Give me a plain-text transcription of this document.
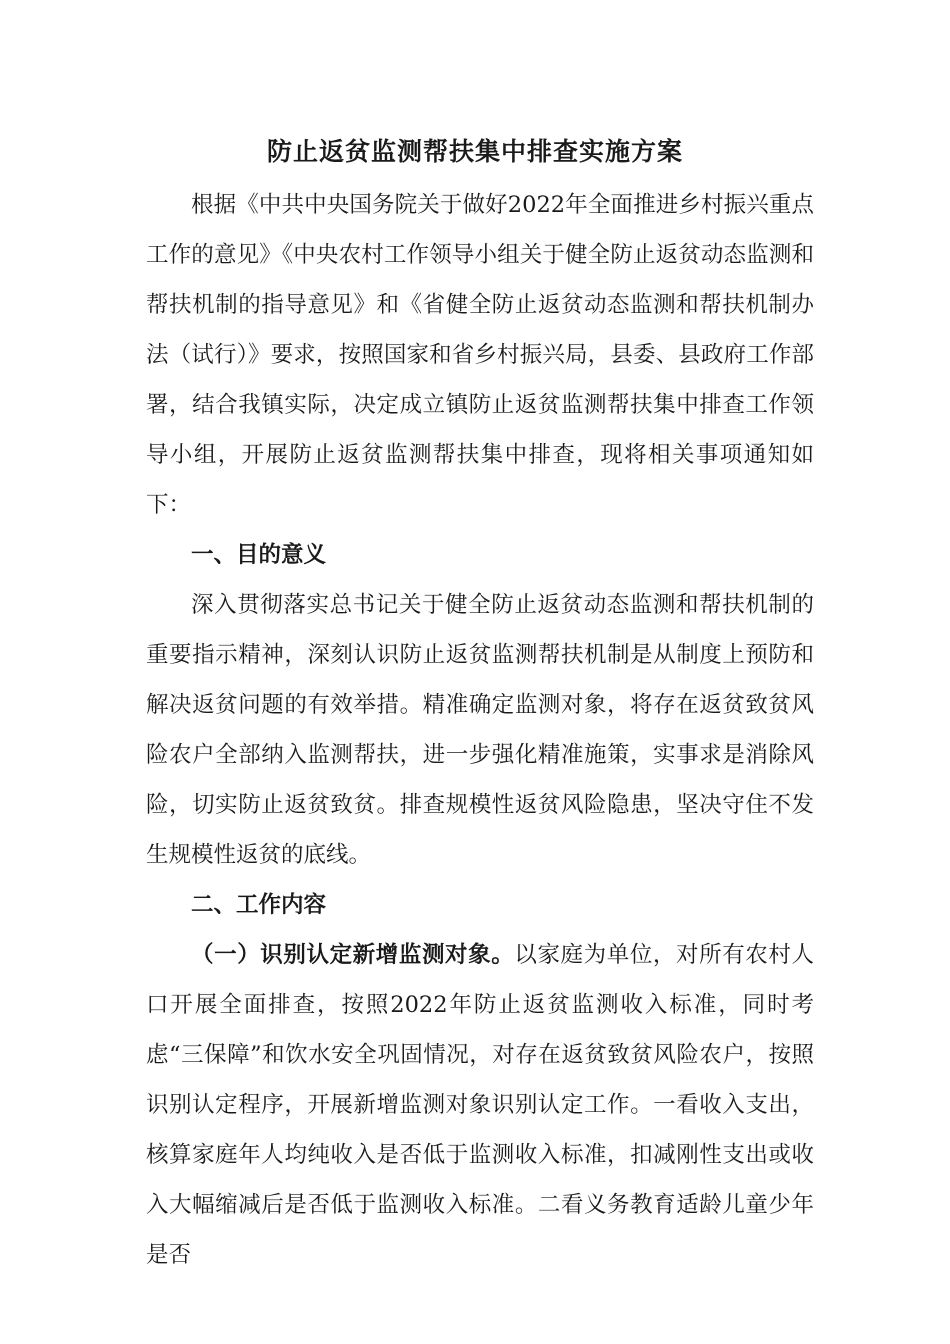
防止返贫监测帮扶集中排查实施方案

根据《中共中央国务院关于做好2022年全面推进乡村振兴重点工作的意见》《中央农村工作领导小组关于健全防止返贫动态监测和帮扶机制的指导意见》和《省健全防止返贫动态监测和帮扶机制办法（试行）》要求，按照国家和省乡村振兴局，县委、县政府工作部署，结合我镇实际，决定成立镇防止返贫监测帮扶集中排查工作领导小组，开展防止返贫监测帮扶集中排查，现将相关事项通知如下：

一、目的意义

深入贯彻落实总书记关于健全防止返贫动态监测和帮扶机制的重要指示精神，深刻认识防止返贫监测帮扶机制是从制度上预防和解决返贫问题的有效举措。精准确定监测对象，将存在返贫致贫风险农户全部纳入监测帮扶，进一步强化精准施策，实事求是消除风险，切实防止返贫致贫。排查规模性返贫风险隐患，坚决守住不发生规模性返贫的底线。

二、工作内容

（一）识别认定新增监测对象。以家庭为单位，对所有农村人口开展全面排查，按照2022年防止返贫监测收入标准，同时考虑“三保障”和饮水安全巩固情况，对存在返贫致贫风险农户，按照识别认定程序，开展新增监测对象识别认定工作。一看收入支出，核算家庭年人均纯收入是否低于监测收入标准，扣减刚性支出或收入大幅缩减后是否低于监测收入标准。二看义务教育适龄儿童少年是否
